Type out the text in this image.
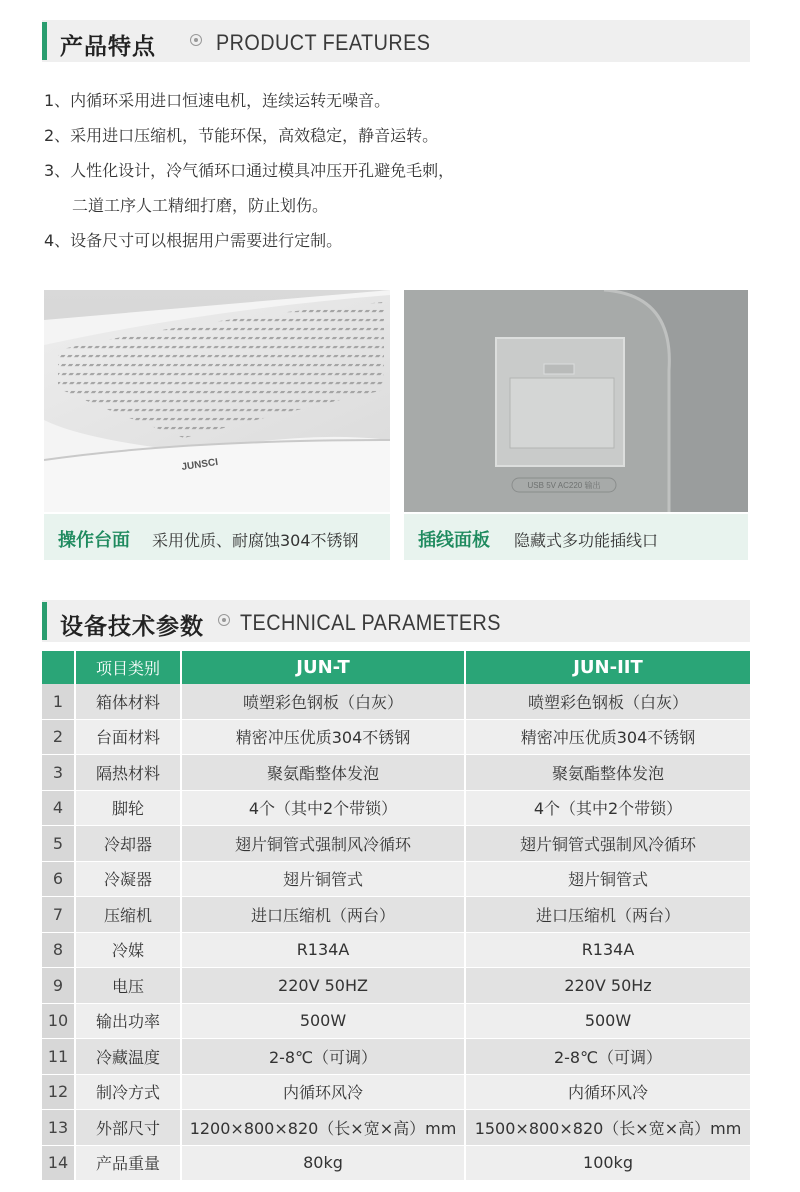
产品特点	PRODUCT FEATURES
1、内循环采用进口恒速电机，连续运转无噪音。
2、采用进口压缩机，节能环保，高效稳定，静音运转。
3、人性化设计，冷气循环口通过模具冲压开孔避免毛刺，
二道工序人工精细打磨，防止划伤。
4、设备尺寸可以根据用户需要进行定制。
JUNSCI
操作台面 采用优质、耐腐蚀304不锈钢
USB 5V AC220 输出
插线面板 隐藏式多功能插线口
设备技术参数 TECHNICAL PARAMETERS
	项目类别	JUN-T	JUN-IIT
1	箱体材料	喷塑彩色钢板（白灰）	喷塑彩色钢板（白灰）
2	台面材料	精密冲压优质304不锈钢	精密冲压优质304不锈钢
3	隔热材料	聚氨酯整体发泡	聚氨酯整体发泡
4	脚轮	4个（其中2个带锁）	4个（其中2个带锁）
5	冷却器	翅片铜管式强制风冷循环	翅片铜管式强制风冷循环
6	冷凝器	翅片铜管式	翅片铜管式
7	压缩机	进口压缩机（两台）	进口压缩机（两台）
8	冷媒	R134A	R134A
9	电压	220V 50HZ	220V 50Hz
10	输出功率	500W	500W
11	冷藏温度	2-8℃（可调）	2-8℃（可调）
12	制冷方式	内循环风冷	内循环风冷
13	外部尺寸	1200×800×820（长×宽×高）mm	1500×800×820（长×宽×高）mm
14	产品重量	80kg	100kg
